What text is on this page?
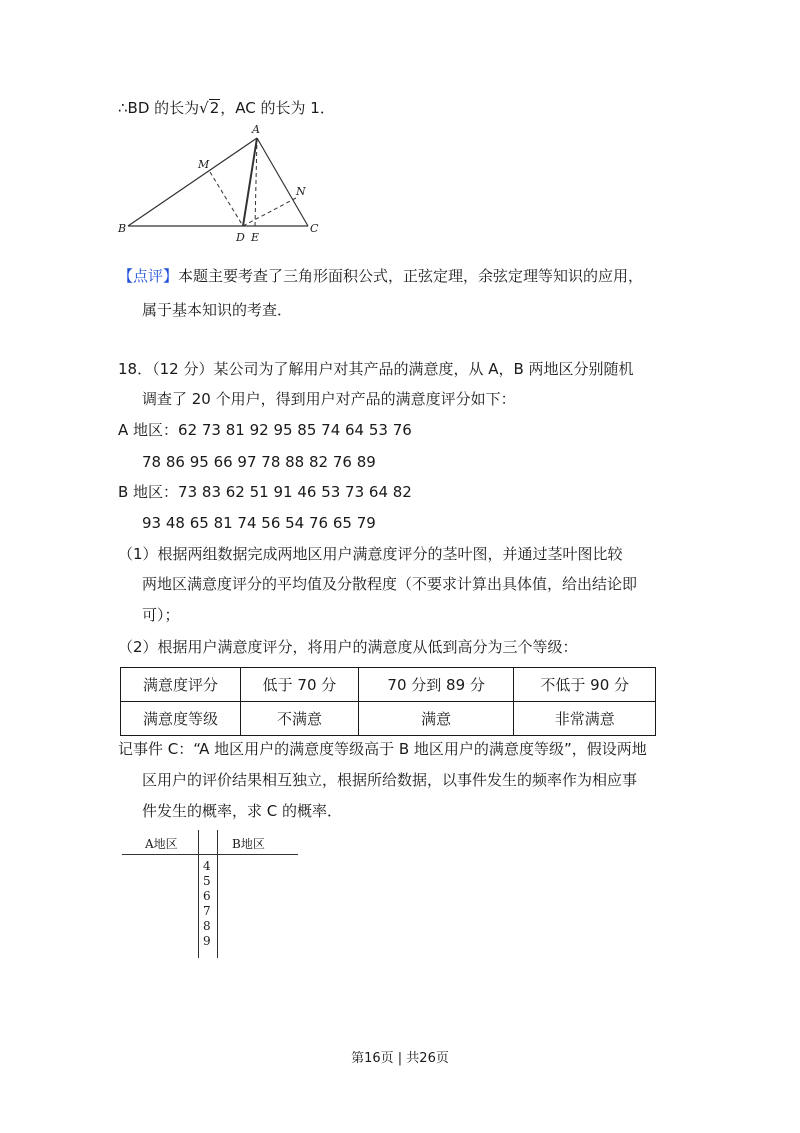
∴BD 的长为√2，AC 的长为 1．
A
B	C
D E
M
N
【点评】本题主要考查了三角形面积公式，正弦定理，余弦定理等知识的应用，
属于基本知识的考查．
18．（12 分）某公司为了解用户对其产品的满意度，从 A，B 两地区分别随机
调查了 20 个用户，得到用户对产品的满意度评分如下：
A 地区：62 73 81 92 95 85 74 64 53 76
78 86 95 66 97 78 88 82 76 89
B 地区：73 83 62 51 91 46 53 73 64 82
93 48 65 81 74 56 54 76 65 79
（1）根据两组数据完成两地区用户满意度评分的茎叶图，并通过茎叶图比较
两地区满意度评分的平均值及分散程度（不要求计算出具体值，给出结论即
可）；
（2）根据用户满意度评分，将用户的满意度从低到高分为三个等级：
满意度评分	低于 70 分	70 分到 89 分	不低于 90 分
满意度等级	不满意	满意	非常满意
记事件 C：“A 地区用户的满意度等级高于 B 地区用户的满意度等级”，假设两地
区用户的评价结果相互独立，根据所给数据，以事件发生的频率作为相应事
件发生的概率，求 C 的概率．
A地区	B地区
4
5
6
7
8
9
第16页 | 共26页
